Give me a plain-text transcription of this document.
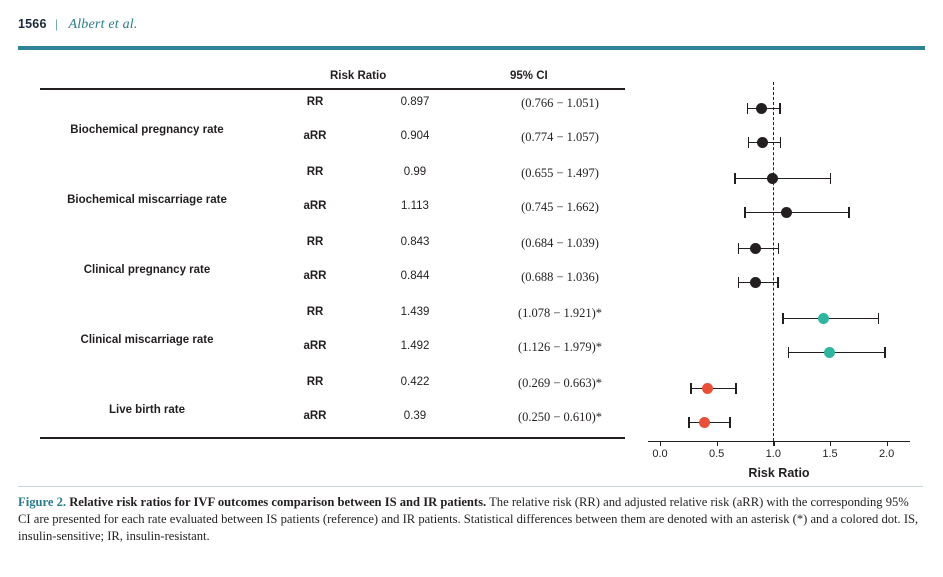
1566 | Albert et al.
Risk Ratio	95% CI
RR	0.897	(0.766 − 1.051)
aRR	0.904	(0.774 − 1.057)
Biochemical pregnancy rate
RR	0.99	(0.655 − 1.497)
aRR	1.113	(0.745 − 1.662)
Biochemical miscarriage rate
RR	0.843	(0.684 − 1.039)
aRR	0.844	(0.688 − 1.036)
Clinical pregnancy rate
RR	1.439	(1.078 − 1.921)*
aRR	1.492	(1.126 − 1.979)*
Clinical miscarriage rate
RR	0.422	(0.269 − 0.663)*
aRR	0.39	(0.250 − 0.610)*
Live birth rate
Risk Ratio
0.0	0.5	1.0	1.5	2.0
Figure 2. Relative risk ratios for IVF outcomes comparison between IS and IR patients. The relative risk (RR) and adjusted relative risk (aRR) with the corresponding 95% CI are presented for each rate evaluated between IS patients (reference) and IR patients. Statistical differences between them are denoted with an asterisk (*) and a colored dot. IS, insulin-sensitive; IR, insulin-resistant.
